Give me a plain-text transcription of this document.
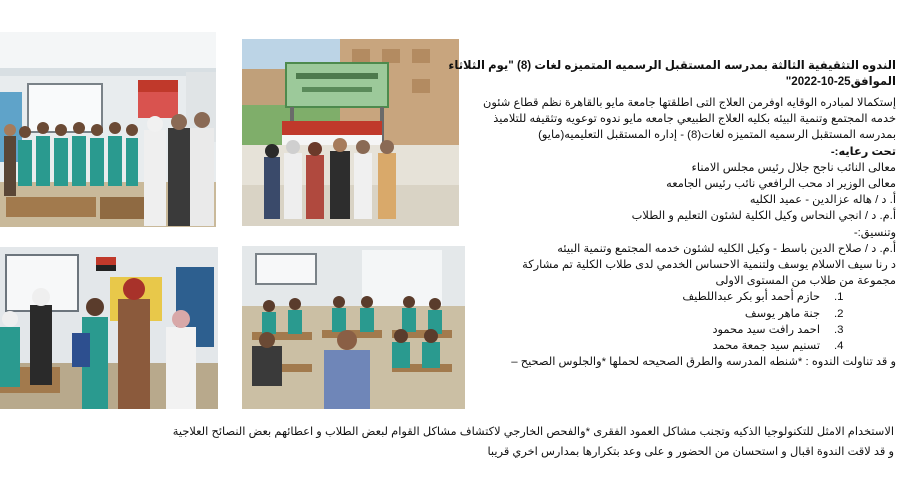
الندوه التثقيفية الثالثة بمدرسه المستقبل الرسميه المتميزه لغات (8) "يوم الثلاثاء
الموافق25-10-2022"
إستكمالا لمبادره الوقايه اوفرمن العلاج التى اطلقتها جامعة مايو بالقاهرة نظم قطاع شئون
خدمه المجتمع وتنمية البيئه بكليه العلاج الطبيعي جامعه مايو ندوه توعويه وتثقيفه للتلاميذ
بمدرسه المستقبل الرسميه المتميزه لغات(8) - إداره المستقبل التعليميه(مايو)
تحت رعايه:-
معالى النائب ناجح جلال رئيس مجلس الامناء
معالى الوزير اد محب الرافعي نائب رئيس الجامعه
أ. د / هاله عزالدين - عميد الكليه
أ.م. د / انجي النحاس وكيل الكلية لشئون التعليم و الطلاب
وتنسيق:-
أ.م. د / صلاح الدين باسط - وكيل الكليه لشئون خدمه المجتمع وتنمية البيئه
د رنا سيف الاسلام يوسف ولتنمية الاحساس الخدمي لدى طلاب الكلية تم مشاركة
مجموعة من طلاب من المستوى الاولى
1.حازم أحمد أبو بكر عبداللطيف
2.جنة ماهر يوسف
3.احمد رافت سيد محمود
4.تسنيم سيد جمعة محمد
و قد تناولت الندوه : *شنطه المدرسه والطرق الصحيحه لحملها *والجلوس الصحيح –
الاستخدام الامثل للتكنولوجيا الذكيه وتجنب مشاكل العمود الفقرى *والفحص الخارجي لاكتشاف مشاكل القوام لبعض الطلاب و اعطائهم بعض النصائح العلاجية
و قد لاقت الندوة اقبال و استحسان من الحضور و على وعد بتكرارها بمدارس اخري قريبا
